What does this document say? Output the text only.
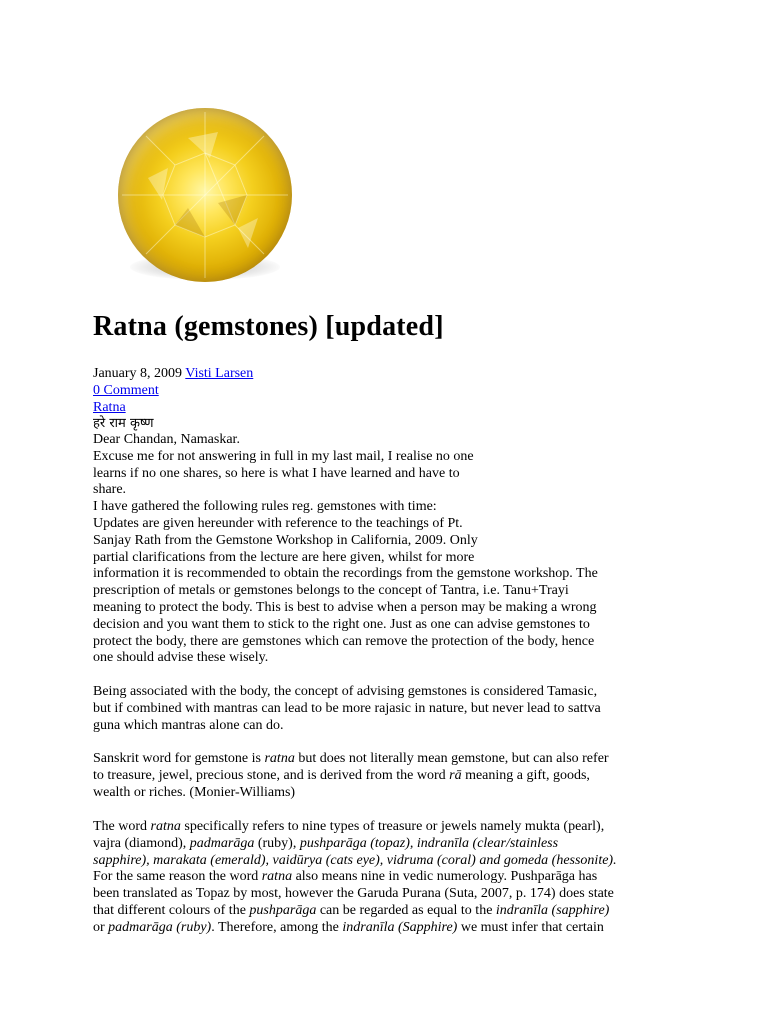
Ratna (gemstones) [updated]
January 8, 2009 Visti Larsen
0 Comment
Ratna
हरे राम कृष्ण
Dear Chandan, Namaskar.
Excuse me for not answering in full in my last mail, I realise no one
learns if no one shares, so here is what I have learned and have to
share.
I have gathered the following rules reg. gemstones with time:
Updates are given hereunder with reference to the teachings of Pt.
Sanjay Rath from the Gemstone Workshop in California, 2009. Only
partial clarifications from the lecture are here given, whilst for more
information it is recommended to obtain the recordings from the gemstone workshop. The
prescription of metals or gemstones belongs to the concept of Tantra, i.e. Tanu+Trayi
meaning to protect the body. This is best to advise when a person may be making a wrong
decision and you want them to stick to the right one. Just as one can advise gemstones to
protect the body, there are gemstones which can remove the protection of the body, hence
one should advise these wisely.
Being associated with the body, the concept of advising gemstones is considered Tamasic,
but if combined with mantras can lead to be more rajasic in nature, but never lead to sattva
guna which mantras alone can do.
Sanskrit word for gemstone is ratna but does not literally mean gemstone, but can also refer
to treasure, jewel, precious stone, and is derived from the word rā meaning a gift, goods,
wealth or riches. (Monier-Williams)
The word ratna specifically refers to nine types of treasure or jewels namely mukta (pearl),
vajra (diamond), padmarāga (ruby), pushparāga (topaz), indranīla (clear/stainless
sapphire), marakata (emerald), vaidūrya (cats eye), vidruma (coral) and gomeda (hessonite).
For the same reason the word ratna also means nine in vedic numerology. Pushparāga has
been translated as Topaz by most, however the Garuda Purana (Suta, 2007, p. 174) does state
that different colours of the pushparāga can be regarded as equal to the indranīla (sapphire)
or padmarāga (ruby). Therefore, among the indranīla (Sapphire) we must infer that certain
